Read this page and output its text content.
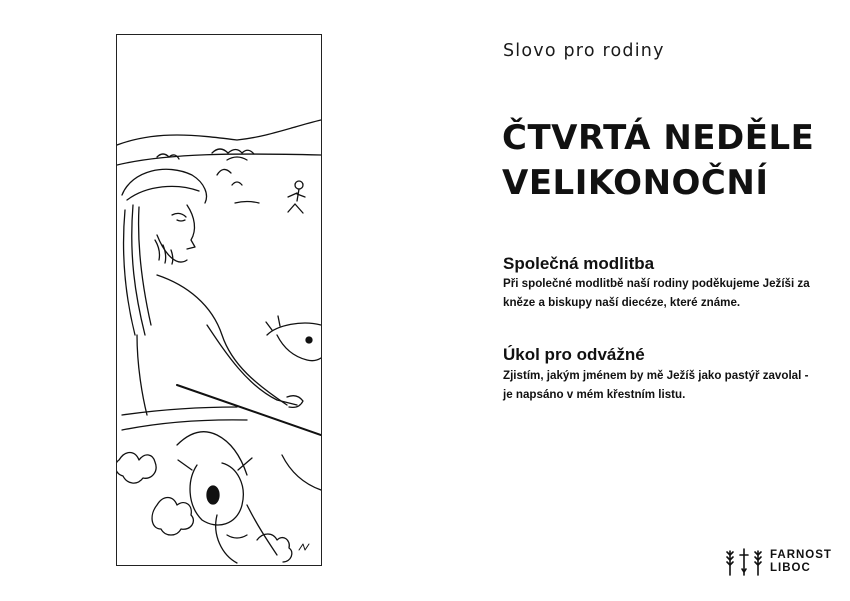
Slovo pro rodiny
ČTVRTÁ NEDĚLE
VELIKONOČNÍ
Společná modlitba

Při společné modlitbě naší rodiny poděkujeme Ježíši za kněze a biskupy naší diecéze, které známe.

Úkol pro odvážné

Zjistím, jakým jménem by mě Ježíš jako pastýř zavolal - je napsáno v mém křestním listu.

FARNOST
LIBOC
